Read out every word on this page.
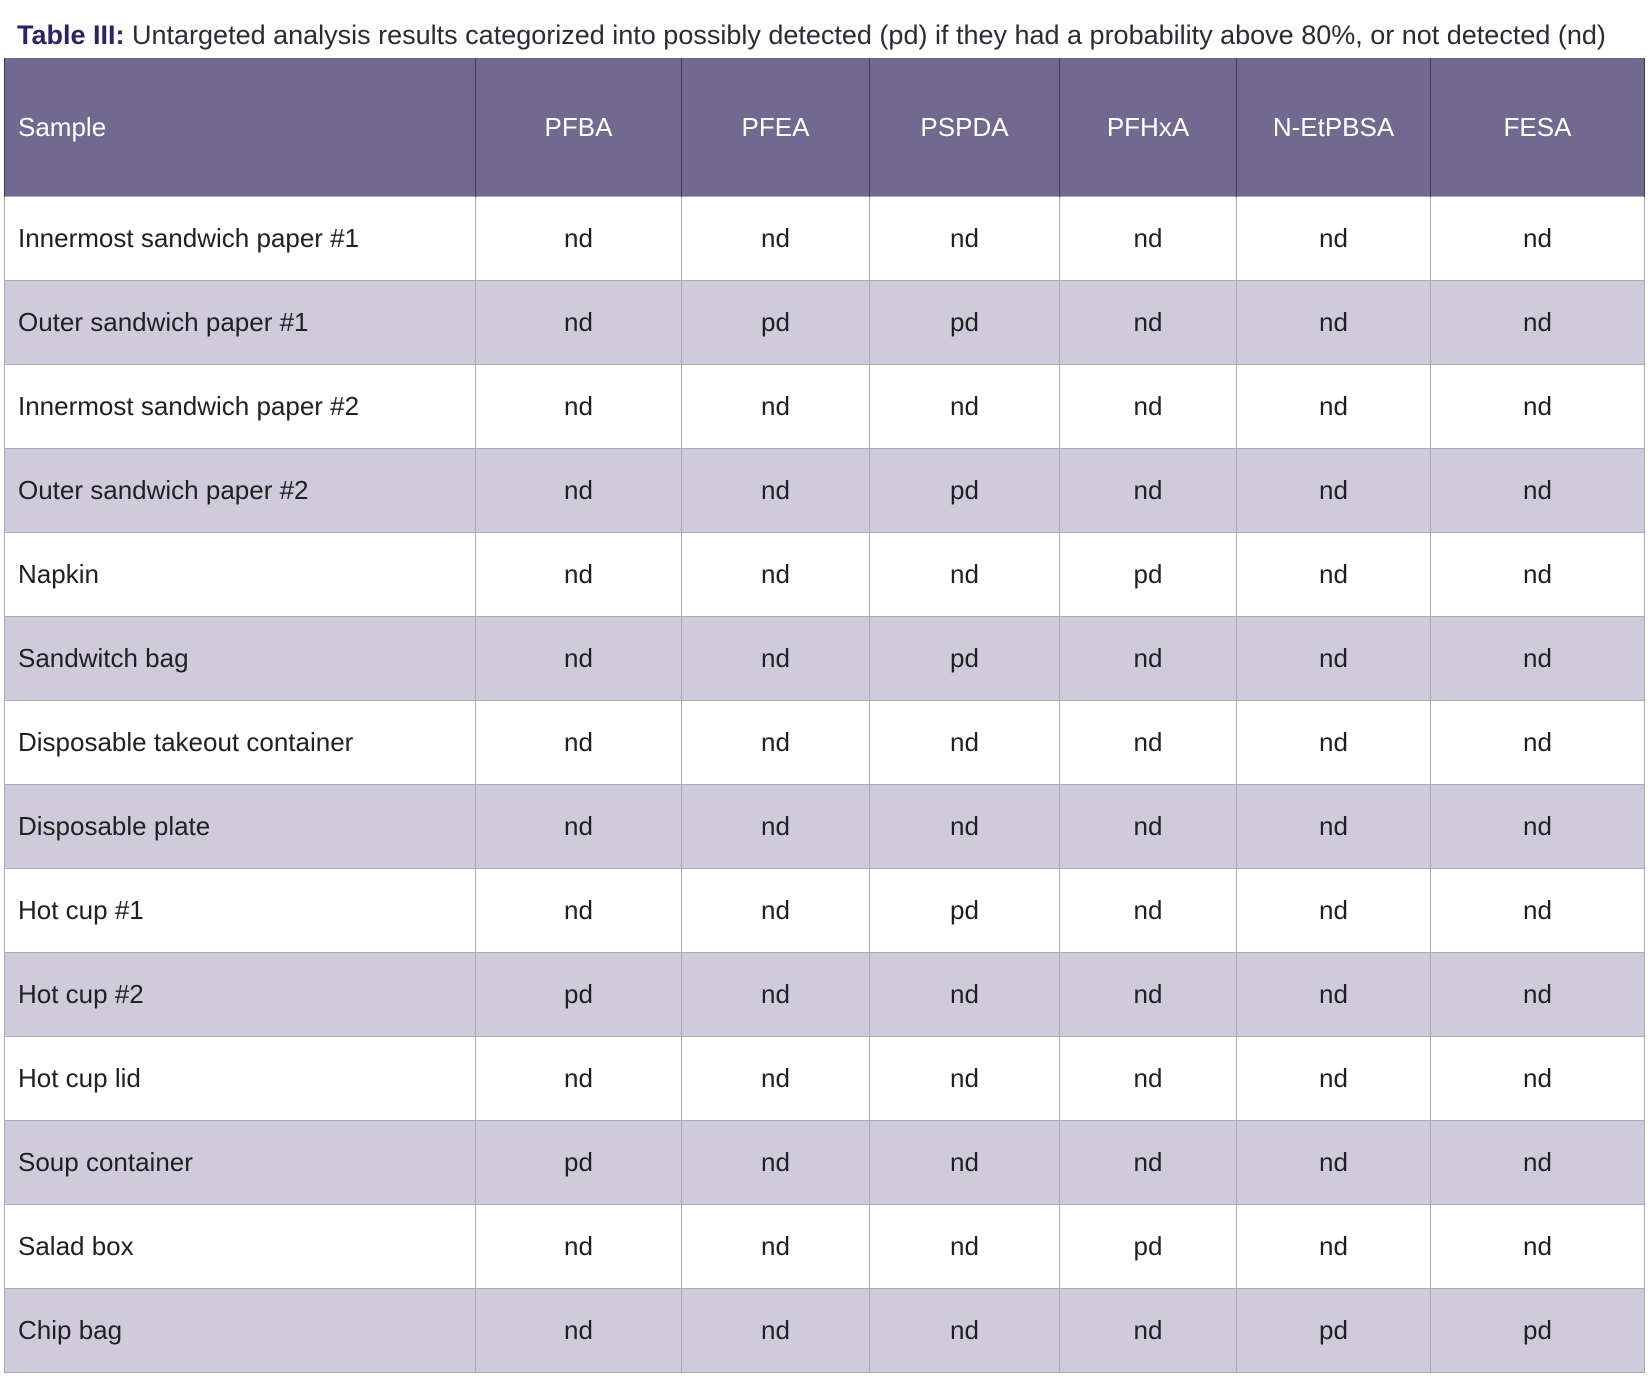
Table III: Untargeted analysis results categorized into possibly detected (pd) if they had a probability above 80%, or not detected (nd)
Sample	PFBA	PFEA	PSPDA	PFHxA	N-EtPBSA	FESA
Innermost sandwich paper #1	nd	nd	nd	nd	nd	nd
Outer sandwich paper #1	nd	pd	pd	nd	nd	nd
Innermost sandwich paper #2	nd	nd	nd	nd	nd	nd
Outer sandwich paper #2	nd	nd	pd	nd	nd	nd
Napkin	nd	nd	nd	pd	nd	nd
Sandwitch bag	nd	nd	pd	nd	nd	nd
Disposable takeout container	nd	nd	nd	nd	nd	nd
Disposable plate	nd	nd	nd	nd	nd	nd
Hot cup #1	nd	nd	pd	nd	nd	nd
Hot cup #2	pd	nd	nd	nd	nd	nd
Hot cup lid	nd	nd	nd	nd	nd	nd
Soup container	pd	nd	nd	nd	nd	nd
Salad box	nd	nd	nd	pd	nd	nd
Chip bag	nd	nd	nd	nd	pd	pd
